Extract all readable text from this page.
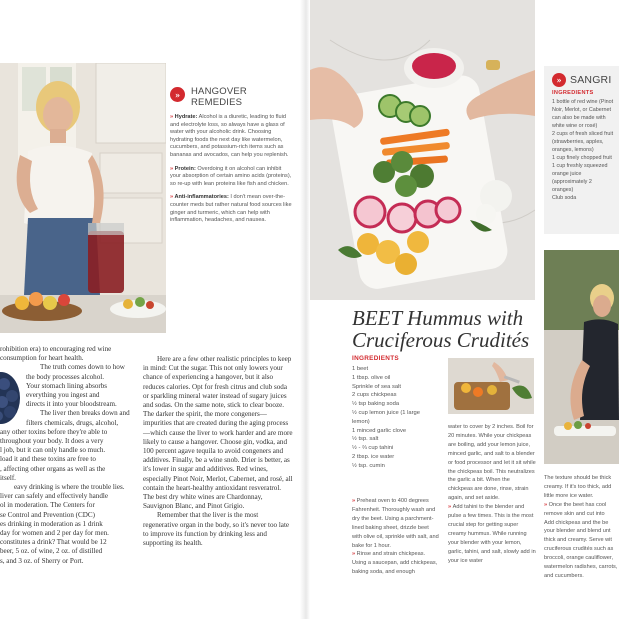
»	HANGOVER
REMEDIES
» Hydrate: Alcohol is a diuretic, leading to fluid and electrolyte loss, so always have a glass of water with your alcoholic drink. Choosing hydrating foods the next day like watermelon, cucumbers, and potassium-rich items such as bananas and avocados, can help you replenish.
» Protein: Overdoing it on alcohol can inhibit your absorption of certain amino acids (proteins), so re-up with lean proteins like fish and chicken.
» Anti-inflammatories: I don't mean over-the-counter meds but rather natural food sources like ginger and turmeric, which can help with inflammation, headaches, and nausea.
rohibition era) to encouraging red wine
consumption for heart health.
The truth comes down to how
the body processes alcohol.
Your stomach lining absorbs
everything you ingest and
directs it into your bloodstream.
The liver then breaks down and
filters chemicals, drugs, alcohol,
any other toxins before they're able to
throughout your body. It does a very
l job, but it can only handle so much.
load it and these toxins are free to
, affecting other organs as well as the
itself.
eavy drinking is where the trouble lies.
liver can safely and effectively handle
ol in moderation. The Centers for
se Control and Prevention (CDC)
es drinking in moderation as 1 drink
day for women and 2 per day for men.
constitutes a drink? That would be 12
beer, 5 oz. of wine, 2 oz. of distilled
s, and 3 oz. of Sherry or Port.

Here are a few other realistic principles to keep in mind: Cut the sugar. This not only lowers your chance of experiencing a hangover, but it also reduces calories. Opt for fresh citrus and club soda or sparkling mineral water instead of sugary juices and sodas. On the same note, stick to clear booze. The darker the spirit, the more congeners—impurities that are created during the aging process—which cause the liver to work harder and are more likely to cause a hangover. Choose gin, vodka, and 100 percent agave tequila to avoid congeners and additives. Finally, be a wine snob. Drier is better, as it's lower in sugar and additives. Red wines, especially Pinot Noir, Merlot, Cabernet, and rosé, all contain the heart-healthy antioxidant resveratrol. The best dry white wines are Chardonnay, Sauvignon Blanc, and Pinot Grigio.

Remember that the liver is the most regenerative organ in the body, so it's never too late to improve its function by drinking less and supporting its health.

» SANGRI
INGREDIENTS
1 bottle of red wine (Pinot
Noir, Merlot, or Cabernet
can also be made with
white wine or rosé)
2 cups of fresh sliced fruit
(strawberries, apples,
oranges, lemons)
1 cup finely chopped fruit
1 cup freshly squeezed
orange juice
(approximately 2
oranges)
Club soda
BEET Hummus with
Cruciferous Crudités
INGREDIENTS
1 beet
1 tbsp. olive oil
Sprinkle of sea salt
2 cups chickpeas
½ tsp baking soda
½ cup lemon juice (1 large
lemon)
1 minced garlic clove
½ tsp. salt
½ - ⅔ cup tahini
2 tbsp. ice water
½ tsp. cumin

» Preheat oven to 400 degrees Fahrenheit. Thoroughly wash and dry the beet. Using a parchment-lined baking sheet, drizzle beet with olive oil, sprinkle with salt, and bake for 1 hour.

» Rinse and strain chickpeas. Using a saucepan, add chickpeas, baking soda, and enough

water to cover by 2 inches. Boil for 20 minutes. While your chickpeas are boiling, add your lemon juice, minced garlic, and salt to a blender or food processor and let it sit while the chickpeas boil. This neutralizes the garlic a bit. When the chickpeas are done, rinse, strain again, and set aside.

» Add tahini to the blender and pulse a few times. This is the most crucial step for getting super creamy hummus. While running your blender with your lemon, garlic, tahini, and salt, slowly add in your ice water

The texture should be thick
creamy. If it's too thick, add
little more ice water.
» Once the beet has cool
remove skin and cut into
Add chickpeas and the be
your blender and blend unt
thick and creamy. Serve wit
cruciferous crudités such as
broccoli, orange cauliflower,
watermelon radishes, carrots,
and cucumbers.
